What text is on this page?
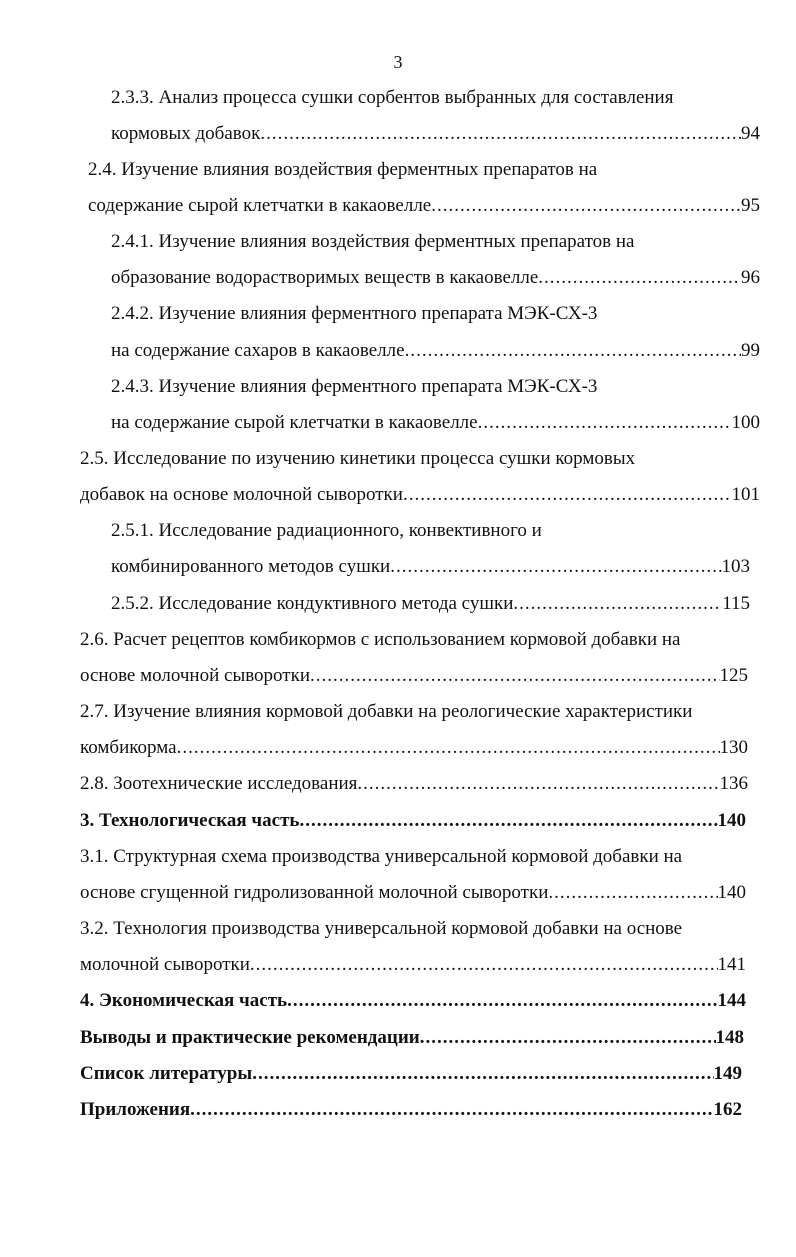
3
2.3.3. Анализ процесса сушки сорбентов выбранных для составления
кормовых добавок .....	94
2.4. Изучение влияния воздействия ферментных препаратов на
содержание сырой клетчатки в какаовелле .....	95
2.4.1. Изучение влияния воздействия ферментных препаратов на
образование водорастворимых веществ в какаовелле .....	96
2.4.2. Изучение влияния ферментного препарата МЭК-СХ-3
на содержание сахаров в какаовелле .....	99
2.4.3. Изучение влияния ферментного препарата МЭК-СХ-3
на содержание сырой клетчатки в какаовелле .....	100
2.5. Исследование по изучению кинетики процесса сушки кормовых
добавок на основе молочной сыворотки .....	101
2.5.1. Исследование радиационного, конвективного и
комбинированного методов сушки .....	103
2.5.2. Исследование кондуктивного метода сушки .....	115
2.6. Расчет рецептов комбикормов с использованием кормовой добавки на
основе молочной сыворотки .....	125
2.7. Изучение влияния кормовой добавки на реологические характеристики
комбикорма .....	130
2.8. Зоотехнические исследования .....	136
3. Технологическая часть .....	140
3.1. Структурная схема производства универсальной кормовой добавки на
основе сгущенной гидролизованной молочной сыворотки .....	140
3.2. Технология производства универсальной кормовой добавки на основе
молочной сыворотки .....	141
4. Экономическая часть .....	144
Выводы и практические рекомендации .....	148
Список литературы .....	149
Приложения .....	162
